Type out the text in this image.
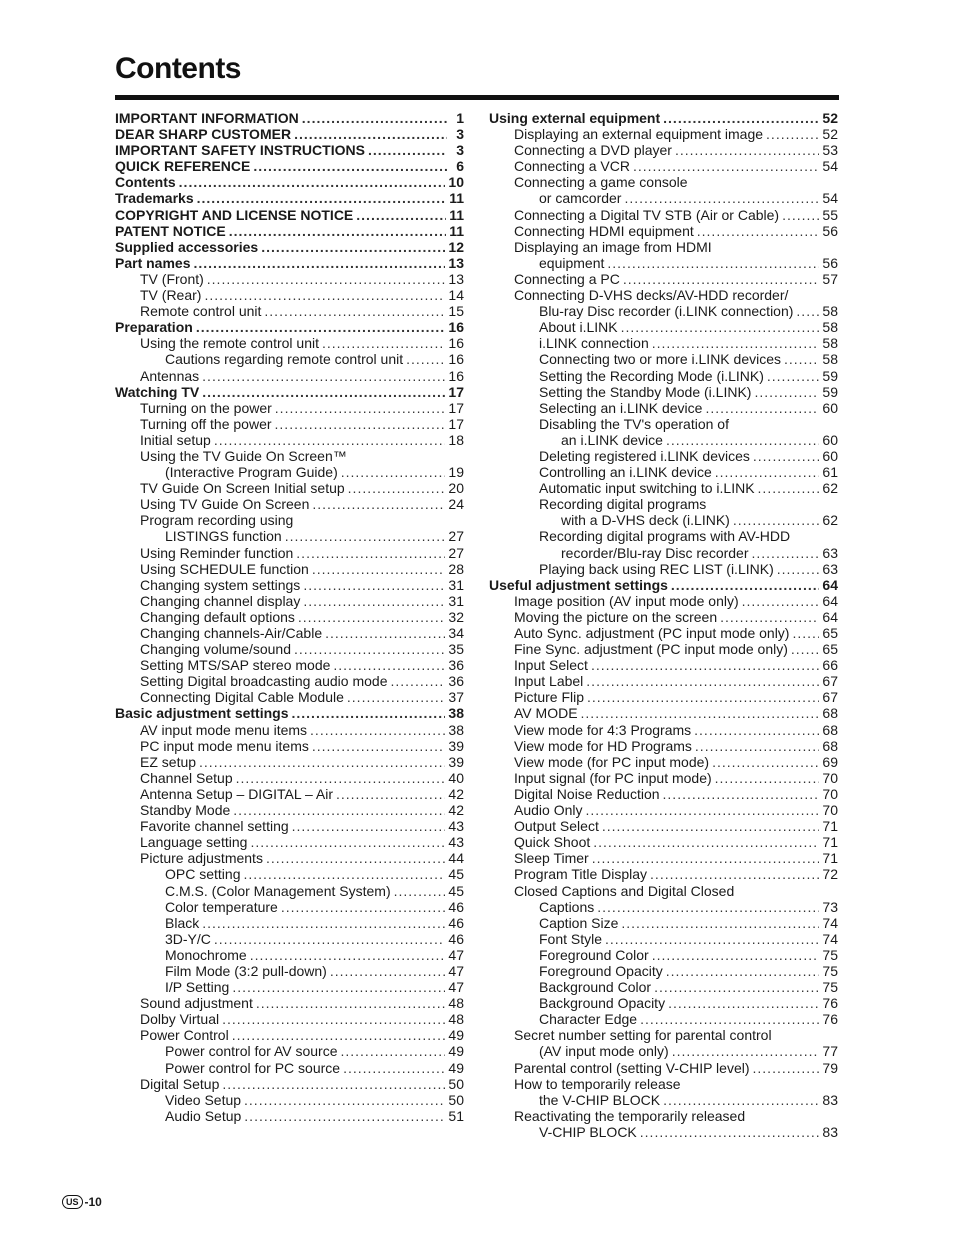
Contents
IMPORTANT INFORMATION .....	1
DEAR SHARP CUSTOMER .....	3
IMPORTANT SAFETY INSTRUCTIONS .....	3
QUICK REFERENCE .....	6
Contents .....	10
Trademarks .....	11
COPYRIGHT AND LICENSE NOTICE .....	11
PATENT NOTICE .....	11
Supplied accessories .....	12
Part names .....	13
TV (Front) .....	13
TV (Rear) .....	14
Remote control unit .....	15
Preparation .....	16
Using the remote control unit .....	16
Cautions regarding remote control unit .....	16
Antennas .....	16
Watching TV .....	17
Turning on the power .....	17
Turning off the power .....	17
Initial setup .....	18
Using the TV Guide On Screen™
(Interactive Program Guide) .....	19
TV Guide On Screen Initial setup .....	20
Using TV Guide On Screen .....	24
Program recording using
LISTINGS function .....	27
Using Reminder function .....	27
Using SCHEDULE function .....	28
Changing system settings .....	31
Changing channel display .....	31
Changing default options .....	32
Changing channels-Air/Cable .....	34
Changing volume/sound .....	35
Setting MTS/SAP stereo mode .....	36
Setting Digital broadcasting audio mode .....	36
Connecting Digital Cable Module .....	37
Basic adjustment settings .....	38
AV input mode menu items .....	38
PC input mode menu items .....	39
EZ setup .....	39
Channel Setup .....	40
Antenna Setup – DIGITAL – Air .....	42
Standby Mode .....	42
Favorite channel setting .....	43
Language setting .....	43
Picture adjustments .....	44
OPC setting .....	45
C.M.S. (Color Management System) .....	45
Color temperature .....	46
Black .....	46
3D-Y/C .....	46
Monochrome .....	47
Film Mode (3:2 pull-down) .....	47
I/P Setting .....	47
Sound adjustment .....	48
Dolby Virtual .....	48
Power Control .....	49
Power control for AV source .....	49
Power control for PC source .....	49
Digital Setup .....	50
Video Setup .....	50
Audio Setup .....	51
Using external equipment .....	52
Displaying an external equipment image .....	52
Connecting a DVD player .....	53
Connecting a VCR .....	54
Connecting a game console
or camcorder .....	54
Connecting a Digital TV STB (Air or Cable) .....	55
Connecting HDMI equipment .....	56
Displaying an image from HDMI
equipment .....	56
Connecting a PC .....	57
Connecting D-VHS decks/AV-HDD recorder/
Blu-ray Disc recorder (i.LINK connection) ..... 58
About i.LINK .....	58
i.LINK connection .....	58
Connecting two or more i.LINK devices .....	58
Setting the Recording Mode (i.LINK) .....	59
Setting the Standby Mode (i.LINK) .....	59
Selecting an i.LINK device .....	60
Disabling the TV's operation of
an i.LINK device .....	60
Deleting registered i.LINK devices .....	60
Controlling an i.LINK device .....	61
Automatic input switching to i.LINK .....	62
Recording digital programs
with a D-VHS deck (i.LINK) .....	62
Recording digital programs with AV-HDD
recorder/Blu-ray Disc recorder .....	63
Playing back using REC LIST (i.LINK) .....	63
Useful adjustment settings .....	64
Image position (AV input mode only) .....	64
Moving the picture on the screen .....	64
Auto Sync. adjustment (PC input mode only) ..... 65
Fine Sync. adjustment (PC input mode only) ..... 65
Input Select .....	66
Input Label .....	67
Picture Flip .....	67
AV MODE .....	68
View mode for 4:3 Programs .....	68
View mode for HD Programs .....	68
View mode (for PC input mode) .....	69
Input signal (for PC input mode) .....	70
Digital Noise Reduction .....	70
Audio Only .....	70
Output Select .....	71
Quick Shoot .....	71
Sleep Timer .....	71
Program Title Display .....	72
Closed Captions and Digital Closed
Captions .....	73
Caption Size .....	74
Font Style .....	74
Foreground Color .....	75
Foreground Opacity .....	75
Background Color .....	75
Background Opacity .....	76
Character Edge .....	76
Secret number setting for parental control
(AV input mode only) .....	77
Parental control (setting V-CHIP level) .....	79
How to temporarily release
the V-CHIP BLOCK .....	83
Reactivating the temporarily released
V-CHIP BLOCK .....	83
US -10
